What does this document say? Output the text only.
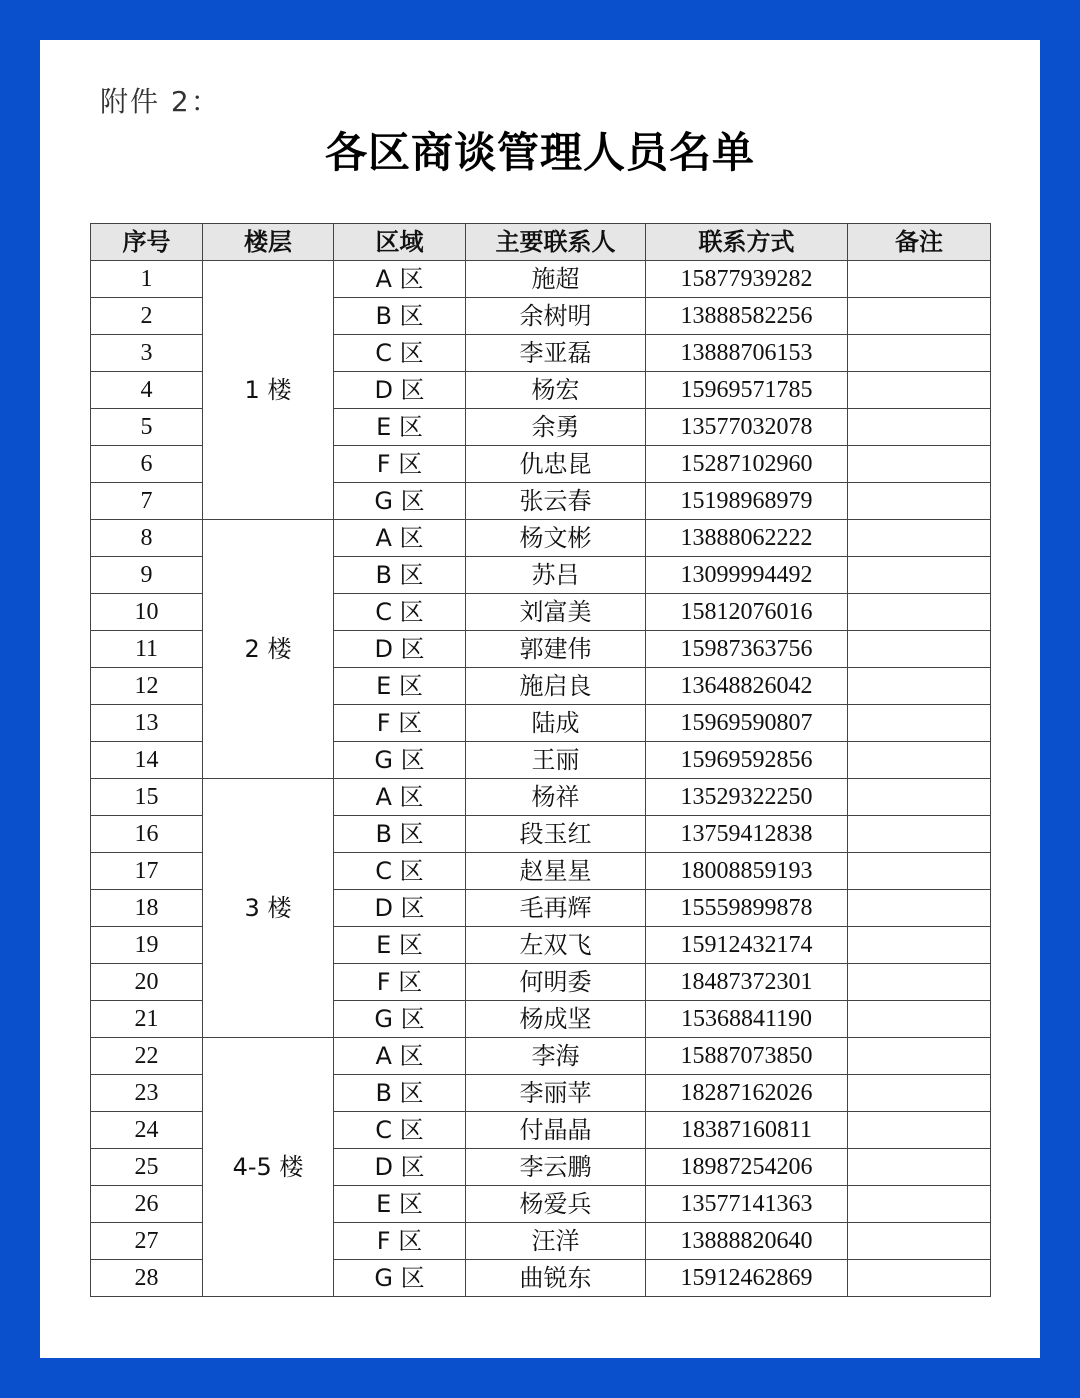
附件 2：
各区商谈管理人员名单
序号	楼层	区域	主要联系人	联系方式	备注
1	1 楼	A 区	施超	15877939282	
2		B 区	余树明	13888582256	
3		C 区	李亚磊	13888706153	
4		D 区	杨宏	15969571785	
5		E 区	余勇	13577032078	
6		F 区	仇忠昆	15287102960	
7		G 区	张云春	15198968979	
8	2 楼	A 区	杨文彬	13888062222	
9		B 区	苏吕	13099994492	
10		C 区	刘富美	15812076016	
11		D 区	郭建伟	15987363756	
12		E 区	施启良	13648826042	
13		F 区	陆成	15969590807	
14		G 区	王丽	15969592856	
15	3 楼	A 区	杨祥	13529322250	
16		B 区	段玉红	13759412838	
17		C 区	赵星星	18008859193	
18		D 区	毛再辉	15559899878	
19		E 区	左双飞	15912432174	
20		F 区	何明委	18487372301	
21		G 区	杨成坚	15368841190	
22	4-5 楼	A 区	李海	15887073850	
23		B 区	李丽苹	18287162026	
24		C 区	付晶晶	18387160811	
25		D 区	李云鹏	18987254206	
26		E 区	杨爱兵	13577141363	
27		F 区	汪洋	13888820640	
28		G 区	曲锐东	15912462869	
